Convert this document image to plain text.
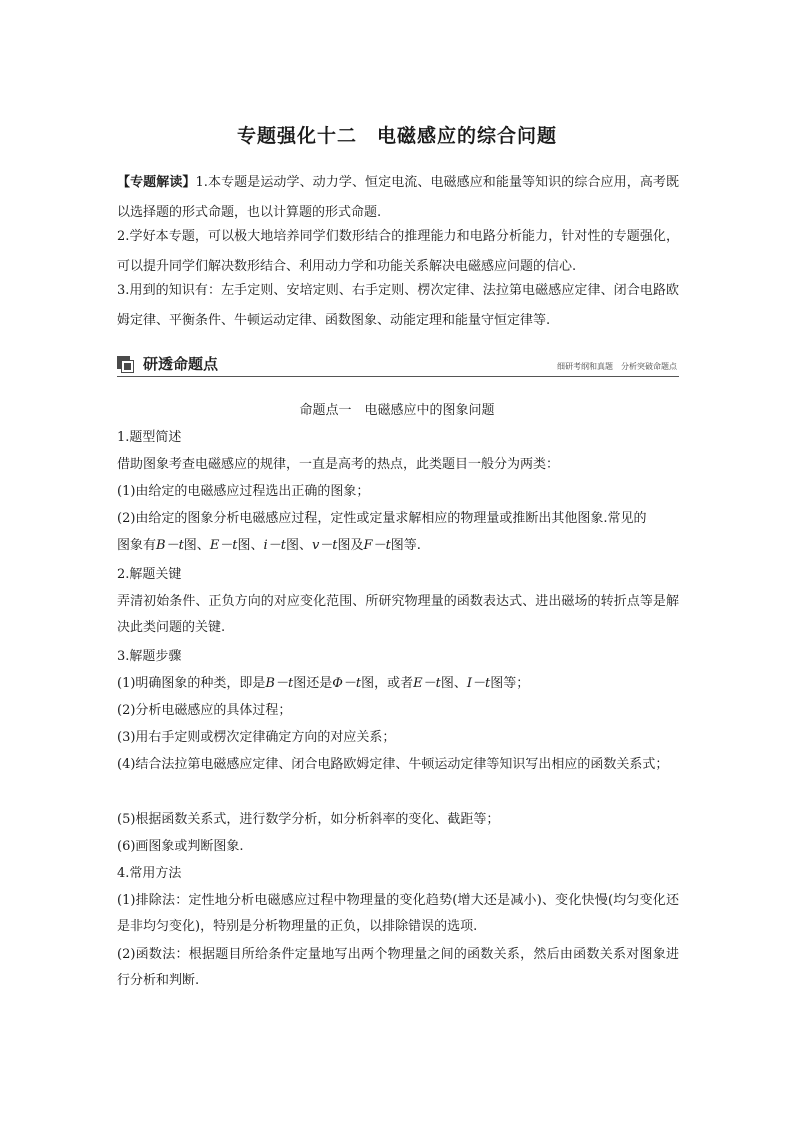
专题强化十二　电磁感应的综合问题
【专题解读】1.本专题是运动学、动力学、恒定电流、电磁感应和能量等知识的综合应用，高考既以选择题的形式命题，也以计算题的形式命题.
2.学好本专题，可以极大地培养同学们数形结合的推理能力和电路分析能力，针对性的专题强化，可以提升同学们解决数形结合、利用动力学和功能关系解决电磁感应问题的信心.
3.用到的知识有：左手定则、安培定则、右手定则、楞次定律、法拉第电磁感应定律、闭合电路欧姆定律、平衡条件、牛顿运动定律、函数图象、动能定理和能量守恒定律等.
研透命题点	细研考纲和真题　分析突破命题点
命题点一　电磁感应中的图象问题
1.题型简述
借助图象考查电磁感应的规律，一直是高考的热点，此类题目一般分为两类：
(1)由给定的电磁感应过程选出正确的图象；
(2)由给定的图象分析电磁感应过程，定性或定量求解相应的物理量或推断出其他图象.常见的
图象有B－t图、E－t图、i－t图、v－t图及F－t图等.
2.解题关键
弄清初始条件、正负方向的对应变化范围、所研究物理量的函数表达式、进出磁场的转折点等是解决此类问题的关键.
3.解题步骤
(1)明确图象的种类，即是B－t图还是Φ－t图，或者E－t图、I－t图等；
(2)分析电磁感应的具体过程；
(3)用右手定则或楞次定律确定方向的对应关系；
(4)结合法拉第电磁感应定律、闭合电路欧姆定律、牛顿运动定律等知识写出相应的函数关系式；
(5)根据函数关系式，进行数学分析，如分析斜率的变化、截距等；
(6)画图象或判断图象.
4.常用方法
(1)排除法：定性地分析电磁感应过程中物理量的变化趋势(增大还是减小)、变化快慢(均匀变化还是非均匀变化)，特别是分析物理量的正负，以排除错误的选项.
(2)函数法：根据题目所给条件定量地写出两个物理量之间的函数关系，然后由函数关系对图象进行分析和判断.
